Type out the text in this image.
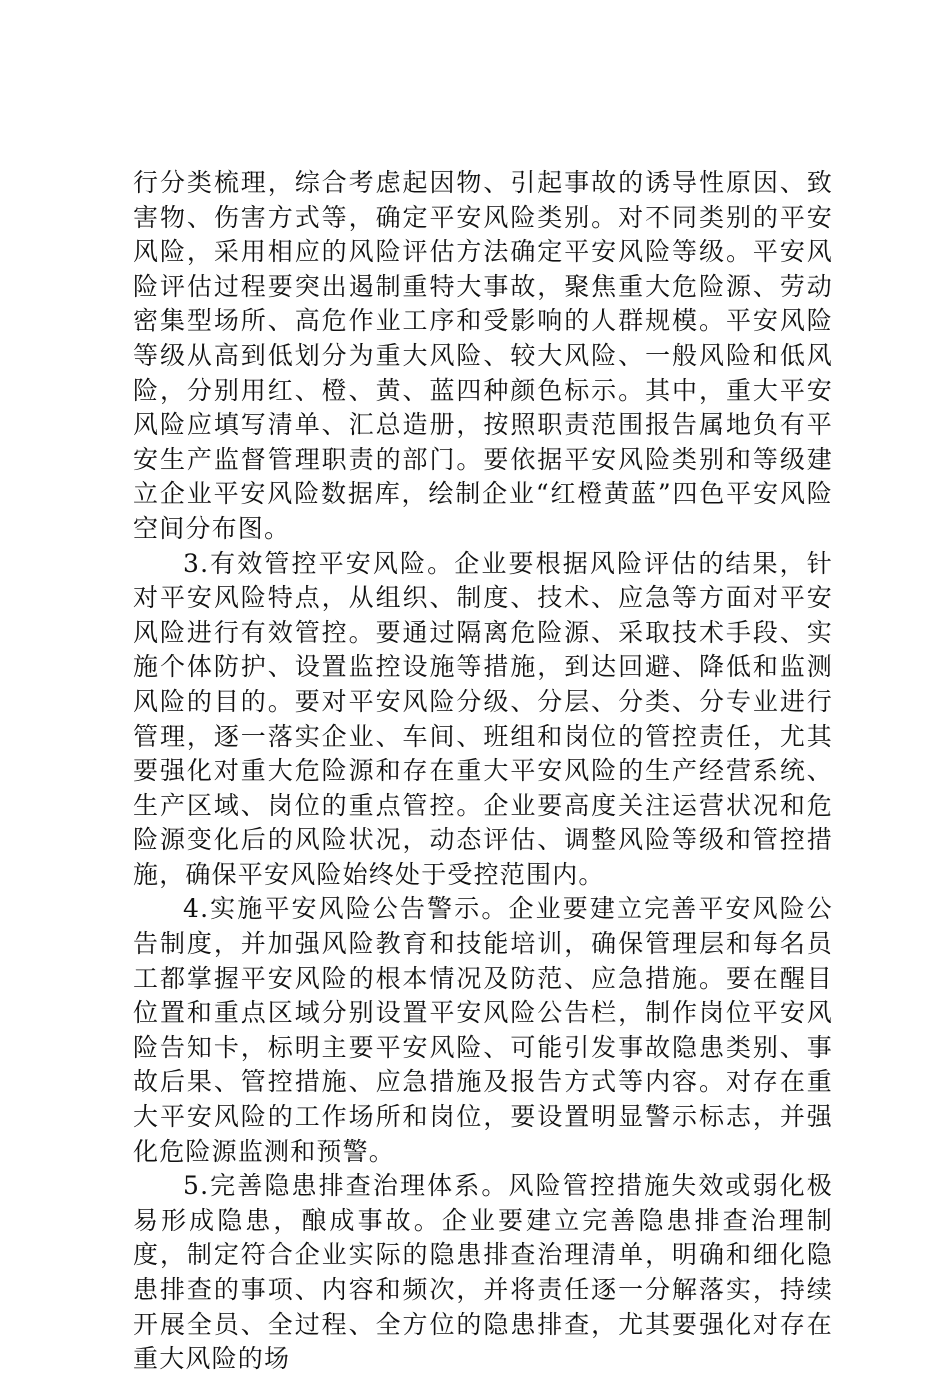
行分类梳理，综合考虑起因物、引起事故的诱导性原因、致害物、伤害方式等，确定平安风险类别。对不同类别的平安风险，采用相应的风险评估方法确定平安风险等级。平安风险评估过程要突出遏制重特大事故，聚焦重大危险源、劳动密集型场所、高危作业工序和受影响的人群规模。平安风险等级从高到低划分为重大风险、较大风险、一般风险和低风险，分别用红、橙、黄、蓝四种颜色标示。其中，重大平安风险应填写清单、汇总造册，按照职责范围报告属地负有平安生产监督管理职责的部门。要依据平安风险类别和等级建立企业平安风险数据库，绘制企业“红橙黄蓝”四色平安风险空间分布图。

3.有效管控平安风险。企业要根据风险评估的结果，针对平安风险特点，从组织、制度、技术、应急等方面对平安风险进行有效管控。要通过隔离危险源、采取技术手段、实施个体防护、设置监控设施等措施，到达回避、降低和监测风险的目的。要对平安风险分级、分层、分类、分专业进行管理，逐一落实企业、车间、班组和岗位的管控责任，尤其要强化对重大危险源和存在重大平安风险的生产经营系统、生产区域、岗位的重点管控。企业要高度关注运营状况和危险源变化后的风险状况，动态评估、调整风险等级和管控措施，确保平安风险始终处于受控范围内。

4.实施平安风险公告警示。企业要建立完善平安风险公告制度，并加强风险教育和技能培训，确保管理层和每名员工都掌握平安风险的根本情况及防范、应急措施。要在醒目位置和重点区域分别设置平安风险公告栏，制作岗位平安风险告知卡，标明主要平安风险、可能引发事故隐患类别、事故后果、管控措施、应急措施及报告方式等内容。对存在重大平安风险的工作场所和岗位，要设置明显警示标志，并强化危险源监测和预警。

5.完善隐患排查治理体系。风险管控措施失效或弱化极易形成隐患，酿成事故。企业要建立完善隐患排查治理制度，制定符合企业实际的隐患排查治理清单，明确和细化隐患排查的事项、内容和频次，并将责任逐一分解落实，持续开展全员、全过程、全方位的隐患排查，尤其要强化对存在重大风险的场
